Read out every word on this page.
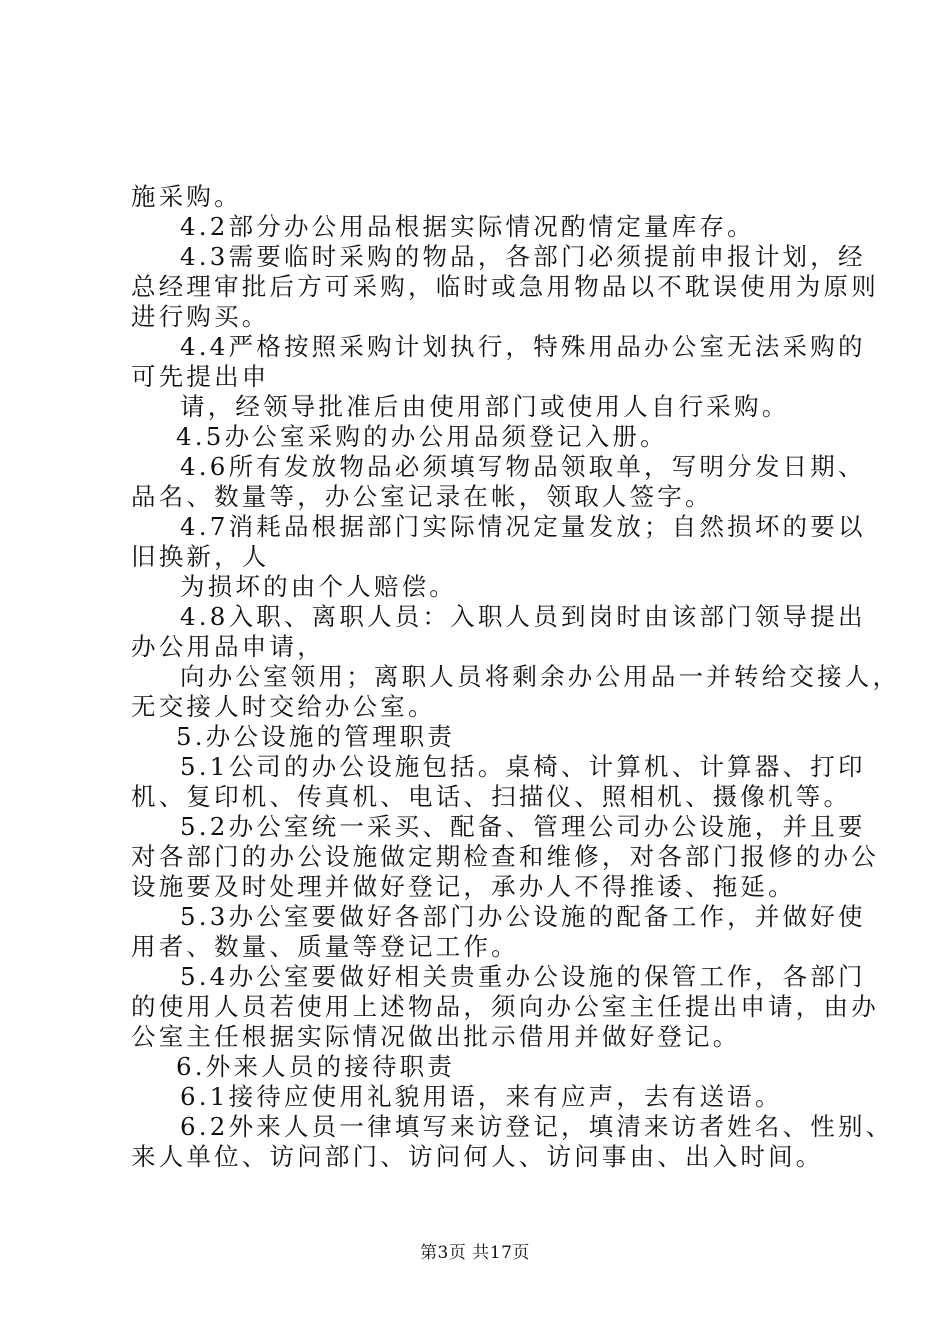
施采购。
4.2部分办公用品根据实际情况酌情定量库存。
4.3需要临时采购的物品，各部门必须提前申报计划，经
总经理审批后方可采购，临时或急用物品以不耽误使用为原则
进行购买。
4.4严格按照采购计划执行，特殊用品办公室无法采购的
可先提出申
请，经领导批准后由使用部门或使用人自行采购。
4.5办公室采购的办公用品须登记入册。
4.6所有发放物品必须填写物品领取单，写明分发日期、
品名、数量等，办公室记录在帐，领取人签字。
4.7消耗品根据部门实际情况定量发放；自然损坏的要以
旧换新，人
为损坏的由个人赔偿。
4.8入职、离职人员：入职人员到岗时由该部门领导提出
办公用品申请，
向办公室领用；离职人员将剩余办公用品一并转给交接人，
无交接人时交给办公室。
5.办公设施的管理职责
5.1公司的办公设施包括。桌椅、计算机、计算器、打印
机、复印机、传真机、电话、扫描仪、照相机、摄像机等。
5.2办公室统一采买、配备、管理公司办公设施，并且要
对各部门的办公设施做定期检查和维修，对各部门报修的办公
设施要及时处理并做好登记，承办人不得推诿、拖延。
5.3办公室要做好各部门办公设施的配备工作，并做好使
用者、数量、质量等登记工作。
5.4办公室要做好相关贵重办公设施的保管工作，各部门
的使用人员若使用上述物品，须向办公室主任提出申请，由办
公室主任根据实际情况做出批示借用并做好登记。
6.外来人员的接待职责
6.1接待应使用礼貌用语，来有应声，去有送语。
6.2外来人员一律填写来访登记，填清来访者姓名、性别、
来人单位、访问部门、访问何人、访问事由、出入时间。
第3页 共17页
